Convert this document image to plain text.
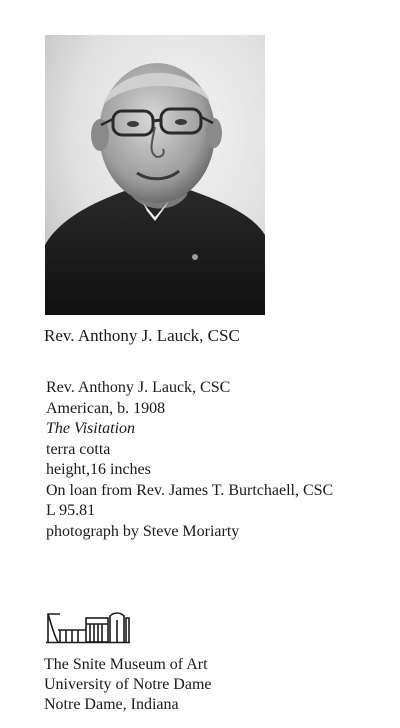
Rev. Anthony J. Lauck, CSC
Rev. Anthony J. Lauck, CSC
American, b. 1908
The Visitation
terra cotta
height,16 inches
On loan from Rev. James T. Burtchaell, CSC
L 95.81
photograph by Steve Moriarty
The Snite Museum of Art
University of Notre Dame
Notre Dame, Indiana
